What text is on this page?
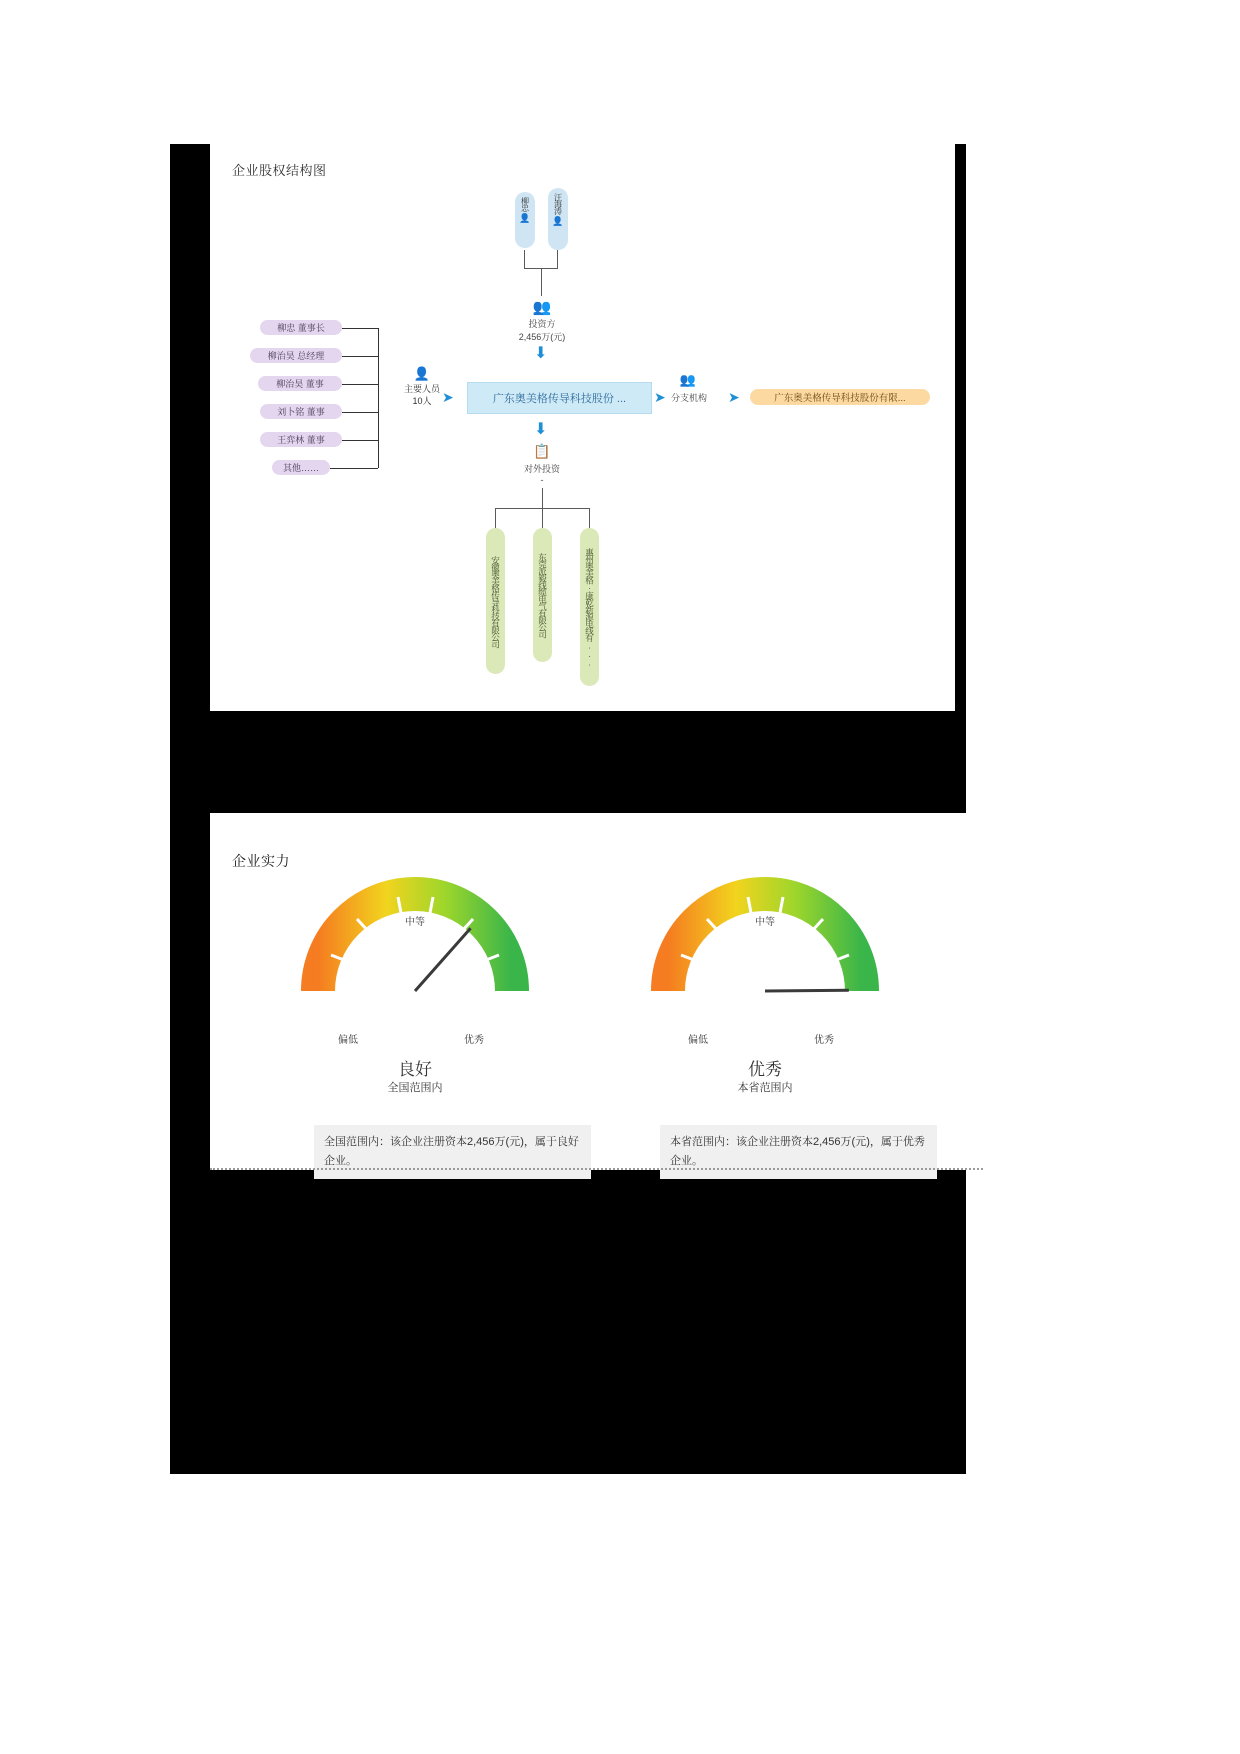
企业股权结构图
柳忠
👤
汪海涛
👤
👥
投资方
2,456万(元)
⬇
广东奥美格传导科技股份 ...
主要人员
10人
👤
➤
柳忠 董事长
柳治昊 总经理
柳治昊 董事
刘卜铭 董事
王弈林 董事
其他……
➤
👥
分支机构	➤	广东奥美格传导科技股份有限...
⬇
📋
对外投资
-
安徽奥美格传导科技有限公司	东莞派毅线缆电气有限公司	惠州奥美格·康乾新源电线有...
企业实力
中等
偏低	优秀
良好
全国范围内
全国范围内：该企业注册资本2,456万(元)，属于良好企业。
中等
偏低	优秀
优秀
本省范围内
本省范围内：该企业注册资本2,456万(元)，属于优秀企业。
